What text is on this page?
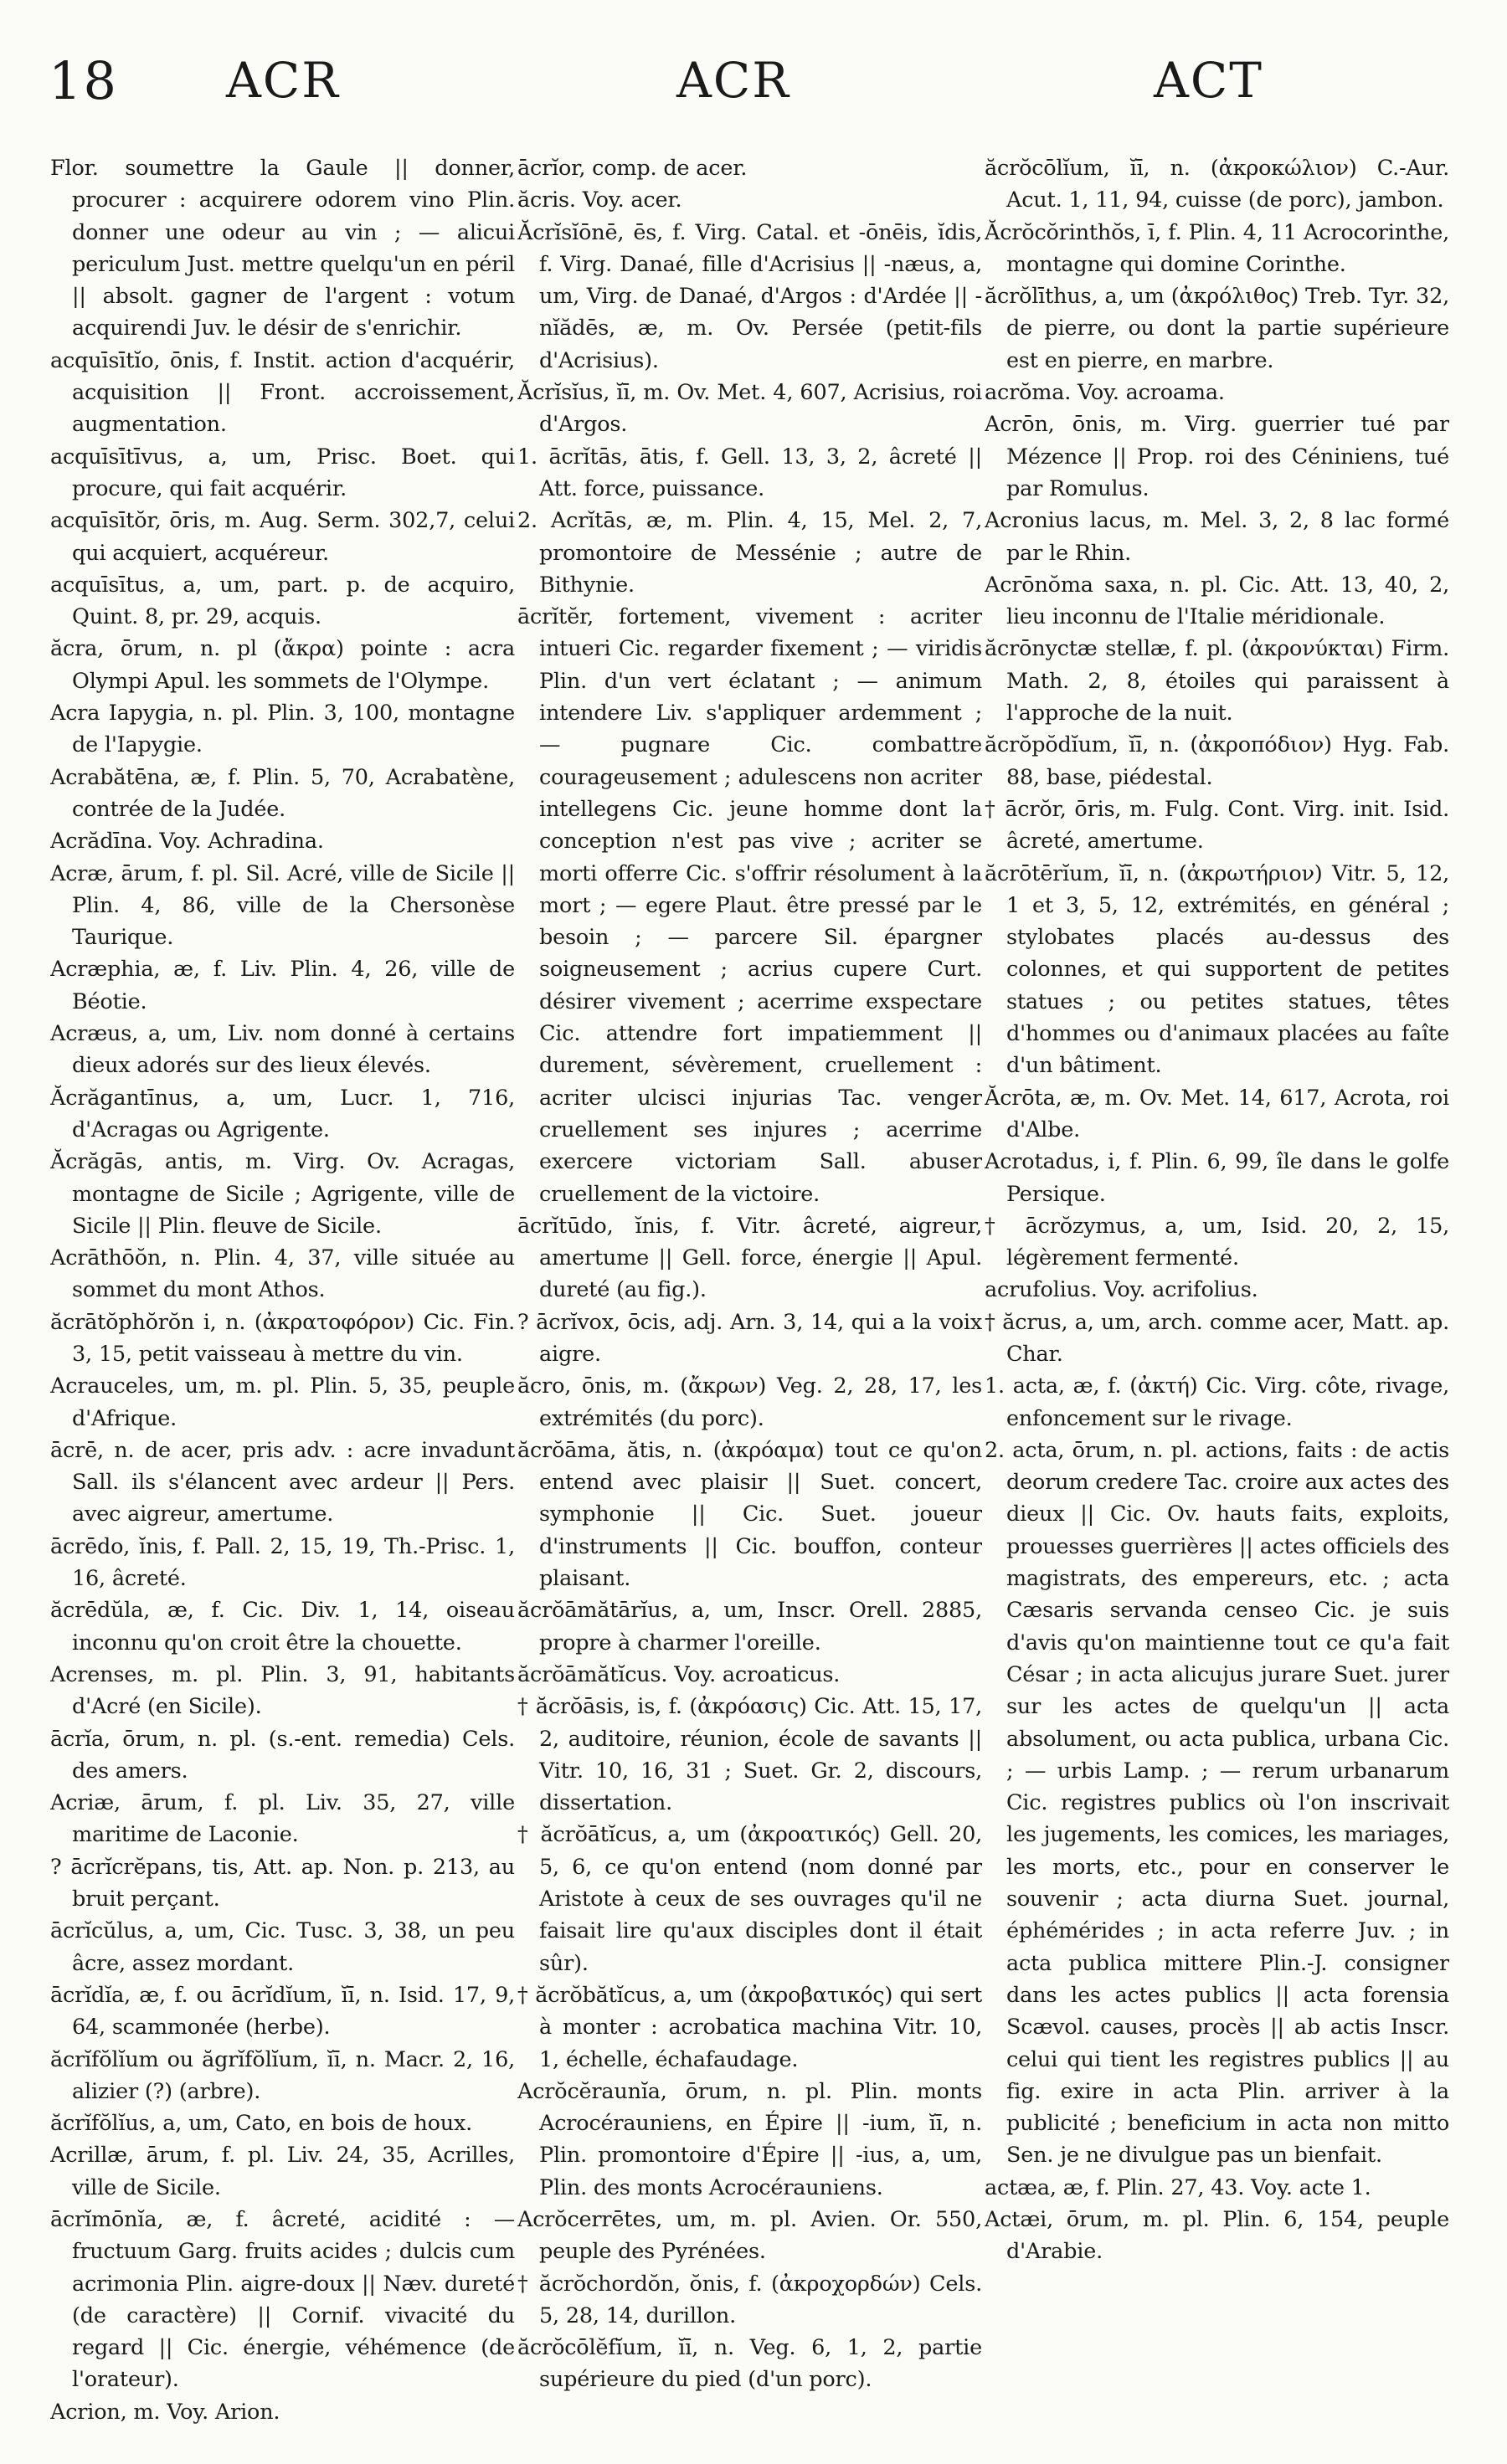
18 ACR	ACR	ACT

Flor. soumettre la Gaule || donner, procurer : acquirere odorem vino Plin. donner une odeur au vin ; — alicui periculum Just. mettre quelqu'un en péril || absolt. gagner de l'argent : votum acquirendi Juv. le désir de s'enrichir.

acquīsītĭo, ōnis, f. Instit. action d'acquérir, acquisition || Front. accroissement, augmentation.

acquīsītīvus, a, um, Prisc. Boet. qui procure, qui fait acquérir.

acquīsītŏr, ōris, m. Aug. Serm. 302,7, celui qui acquiert, acquéreur.

acquīsītus, a, um, part. p. de acquiro, Quint. 8, pr. 29, acquis.

ăcra, ōrum, n. pl (ἄκρα) pointe : acra Olympi Apul. les sommets de l'Olympe.

Acra Iapygia, n. pl. Plin. 3, 100, montagne de l'Iapygie.

Acrabătēna, æ, f. Plin. 5, 70, Acrabatène, contrée de la Judée.

Acrădīna. Voy. Achradina.

Acræ, ārum, f. pl. Sil. Acré, ville de Sicile || Plin. 4, 86, ville de la Chersonèse Taurique.

Acræphia, æ, f. Liv. Plin. 4, 26, ville de Béotie.

Acræus, a, um, Liv. nom donné à certains dieux adorés sur des lieux élevés.

Ăcrăgantīnus, a, um, Lucr. 1, 716, d'Acragas ou Agrigente.

Ăcrăgās, antis, m. Virg. Ov. Acragas, montagne de Sicile ; Agrigente, ville de Sicile || Plin. fleuve de Sicile.

Acrāthōŏn, n. Plin. 4, 37, ville située au sommet du mont Athos.

ăcrātŏphŏrŏn i, n. (ἀκρατοφόρον) Cic. Fin. 3, 15, petit vaisseau à mettre du vin.

Acrauceles, um, m. pl. Plin. 5, 35, peuple d'Afrique.

ācrē, n. de acer, pris adv. : acre invadunt Sall. ils s'élancent avec ardeur || Pers. avec aigreur, amertume.

ācrēdo, ĭnis, f. Pall. 2, 15, 19, Th.-Prisc. 1, 16, âcreté.

ăcrēdŭla, æ, f. Cic. Div. 1, 14, oiseau inconnu qu'on croit être la chouette.

Acrenses, m. pl. Plin. 3, 91, habitants d'Acré (en Sicile).

ācrĭa, ōrum, n. pl. (s.-ent. remedia) Cels. des amers.

Acriæ, ārum, f. pl. Liv. 35, 27, ville maritime de Laconie.

? ācrĭcrĕpans, tis, Att. ap. Non. p. 213, au bruit perçant.

ācrĭcŭlus, a, um, Cic. Tusc. 3, 38, un peu âcre, assez mordant.

ācrĭdĭa, æ, f. ou ācrĭdĭum, ĭī, n. Isid. 17, 9, 64, scammonée (herbe).

ăcrĭfŏlĭum ou ăgrĭfŏlĭum, ĭī, n. Macr. 2, 16, alizier (?) (arbre).

ăcrĭfŏlĭus, a, um, Cato, en bois de houx.

Acrillæ, ārum, f. pl. Liv. 24, 35, Acrilles, ville de Sicile.

ācrĭmōnĭa, æ, f. âcreté, acidité : — fructuum Garg. fruits acides ; dulcis cum acrimonia Plin. aigre-doux || Næv. dureté (de caractère) || Cornif. vivacité du regard || Cic. énergie, véhémence (de l'orateur).

Acrion, m. Voy. Arion.

ācrĭor, comp. de acer.

ăcris. Voy. acer.

Ăcrĭsĭōnē, ēs, f. Virg. Catal. et -ōnēis, ĭdis, f. Virg. Danaé, fille d'Acrisius || -næus, a, um, Virg. de Danaé, d'Argos : d'Ardée || -nĭădēs, æ, m. Ov. Persée (petit-fils d'Acrisius).

Ăcrĭsĭus, ĭī, m. Ov. Met. 4, 607, Acrisius, roi d'Argos.

1. ācrĭtās, ātis, f. Gell. 13, 3, 2, âcreté || Att. force, puissance.

2. Acrĭtās, æ, m. Plin. 4, 15, Mel. 2, 7, promontoire de Messénie ; autre de Bithynie.

ācrĭtĕr, fortement, vivement : acriter intueri Cic. regarder fixement ; — viridis Plin. d'un vert éclatant ; — animum intendere Liv. s'appliquer ardemment ; — pugnare Cic. combattre courageusement ; adulescens non acriter intellegens Cic. jeune homme dont la conception n'est pas vive ; acriter se morti offerre Cic. s'offrir résolument à la mort ; — egere Plaut. être pressé par le besoin ; — parcere Sil. épargner soigneusement ; acrius cupere Curt. désirer vivement ; acerrime exspectare Cic. attendre fort impatiemment || durement, sévèrement, cruellement : acriter ulcisci injurias Tac. venger cruellement ses injures ; acerrime exercere victoriam Sall. abuser cruellement de la victoire.

ācrĭtūdo, ĭnis, f. Vitr. âcreté, aigreur, amertume || Gell. force, énergie || Apul. dureté (au fig.).

? ācrĭvox, ōcis, adj. Arn. 3, 14, qui a la voix aigre.

ăcro, ōnis, m. (ἄκρων) Veg. 2, 28, 17, les extrémités (du porc).

ăcrŏāma, ătis, n. (ἀκρόαμα) tout ce qu'on entend avec plaisir || Suet. concert, symphonie || Cic. Suet. joueur d'instruments || Cic. bouffon, conteur plaisant.

ăcrŏāmătārĭus, a, um, Inscr. Orell. 2885, propre à charmer l'oreille.

ăcrŏāmătĭcus. Voy. acroaticus.

† ăcrŏāsis, is, f. (ἀκρόασις) Cic. Att. 15, 17, 2, auditoire, réunion, école de savants || Vitr. 10, 16, 31 ; Suet. Gr. 2, discours, dissertation.

† ăcrŏātĭcus, a, um (ἀκροατικός) Gell. 20, 5, 6, ce qu'on entend (nom donné par Aristote à ceux de ses ouvrages qu'il ne faisait lire qu'aux disciples dont il était sûr).

† ăcrŏbătĭcus, a, um (ἀκροβατικός) qui sert à monter : acrobatica machina Vitr. 10, 1, échelle, échafaudage.

Acrŏcĕraunĭa, ōrum, n. pl. Plin. monts Acrocérauniens, en Épire || -ium, ĭī, n. Plin. promontoire d'Épire || -ius, a, um, Plin. des monts Acrocérauniens.

Acrŏcerrētes, um, m. pl. Avien. Or. 550, peuple des Pyrénées.

† ăcrŏchordŏn, ŏnis, f. (ἀκροχορδών) Cels. 5, 28, 14, durillon.

ăcrŏcōlĕfĭum, ĭī, n. Veg. 6, 1, 2, partie supérieure du pied (d'un porc).

ăcrŏcōlĭum, ĭī, n. (ἀκροκώλιον) C.-Aur. Acut. 1, 11, 94, cuisse (de porc), jambon.

Ăcrŏcŏrinthŏs, ī, f. Plin. 4, 11 Acrocorinthe, montagne qui domine Corinthe.

ăcrŏlīthus, a, um (ἀκρόλιθος) Treb. Tyr. 32, de pierre, ou dont la partie supérieure est en pierre, en marbre.

acrŏma. Voy. acroama.

Acrōn, ōnis, m. Virg. guerrier tué par Mézence || Prop. roi des Céniniens, tué par Romulus.

Acronius lacus, m. Mel. 3, 2, 8 lac formé par le Rhin.

Acrōnŏma saxa, n. pl. Cic. Att. 13, 40, 2, lieu inconnu de l'Italie méridionale.

ăcrōnyctæ stellæ, f. pl. (ἀκρονύκται) Firm. Math. 2, 8, étoiles qui paraissent à l'approche de la nuit.

ăcrŏpŏdĭum, ĭī, n. (ἀκροπόδιον) Hyg. Fab. 88, base, piédestal.

† ācrŏr, ōris, m. Fulg. Cont. Virg. init. Isid. âcreté, amertume.

ăcrōtērĭum, ĭī, n. (ἀκρωτήριον) Vitr. 5, 12, 1 et 3, 5, 12, extrémités, en général ; stylobates placés au-dessus des colonnes, et qui supportent de petites statues ; ou petites statues, têtes d'hommes ou d'animaux placées au faîte d'un bâtiment.

Ăcrōta, æ, m. Ov. Met. 14, 617, Acrota, roi d'Albe.

Acrotadus, i, f. Plin. 6, 99, île dans le golfe Persique.

† ācrŏzymus, a, um, Isid. 20, 2, 15, légèrement fermenté.

acrufolius. Voy. acrifolius.

† ăcrus, a, um, arch. comme acer, Matt. ap. Char.

1. acta, æ, f. (ἀκτή) Cic. Virg. côte, rivage, enfoncement sur le rivage.

2. acta, ōrum, n. pl. actions, faits : de actis deorum credere Tac. croire aux actes des dieux || Cic. Ov. hauts faits, exploits, prouesses guerrières || actes officiels des magistrats, des empereurs, etc. ; acta Cæsaris servanda censeo Cic. je suis d'avis qu'on maintienne tout ce qu'a fait César ; in acta alicujus jurare Suet. jurer sur les actes de quelqu'un || acta absolument, ou acta publica, urbana Cic. ; — urbis Lamp. ; — rerum urbanarum Cic. registres publics où l'on inscrivait les jugements, les comices, les mariages, les morts, etc., pour en conserver le souvenir ; acta diurna Suet. journal, éphémérides ; in acta referre Juv. ; in acta publica mittere Plin.-J. consigner dans les actes publics || acta forensia Scævol. causes, procès || ab actis Inscr. celui qui tient les registres publics || au fig. exire in acta Plin. arriver à la publicité ; beneficium in acta non mitto Sen. je ne divulgue pas un bienfait.

actæa, æ, f. Plin. 27, 43. Voy. acte 1.

Actæi, ōrum, m. pl. Plin. 6, 154, peuple d'Arabie.
